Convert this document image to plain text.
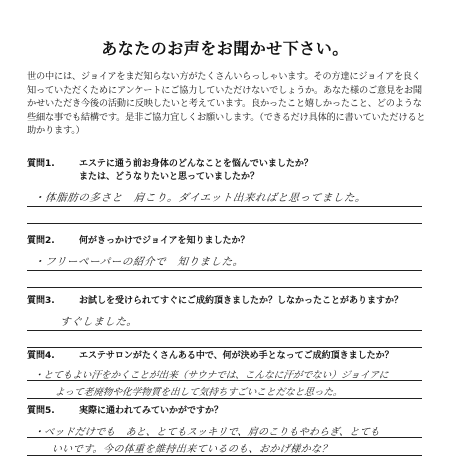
あなたのお声をお聞かせ下さい。
世の中には、ジョイアをまだ知らない方がたくさんいらっしゃいます。その方達にジョイアを良く知っていただくためにアンケートにご協力していただけないでしょうか。あなた様のご意見をお聞かせいただき今後の活動に反映したいと考えています。良かったこと嬉しかったこと、どのような些細な事でも結構です。是非ご協力宜しくお願いします。（できるだけ具体的に書いていただけると助かります。）
質問1.	エステに通う前お身体のどんなことを悩んでいましたか？
または、どうなりたいと思っていましたか？
・体脂肪の多さと　肩こり。ダイエット出来ればと思ってました。
質問2.	何がきっかけでジョイアを知りましたか？
・フリーペーパーの紹介で　知りました。
質問3.	お試しを受けられてすぐにご成約頂きましたか？しなかったことがありますか？
すぐしました。
質問4.	エステサロンがたくさんある中で、何が決め手となってご成約頂きましたか？
・とてもよい汗をかくことが出来（サウナでは、こんなに汗がでない）ジョイアに
よって老廃物や化学物質を出して気持ちすごいことだなと思った。
質問5.	実際に通われてみていかがですか？
・ベッドだけでも　あと、とてもスッキリで、肩のこりもやわらぎ、とても
いいです。今の体重を維持出来ているのも、おかげ様かな？
